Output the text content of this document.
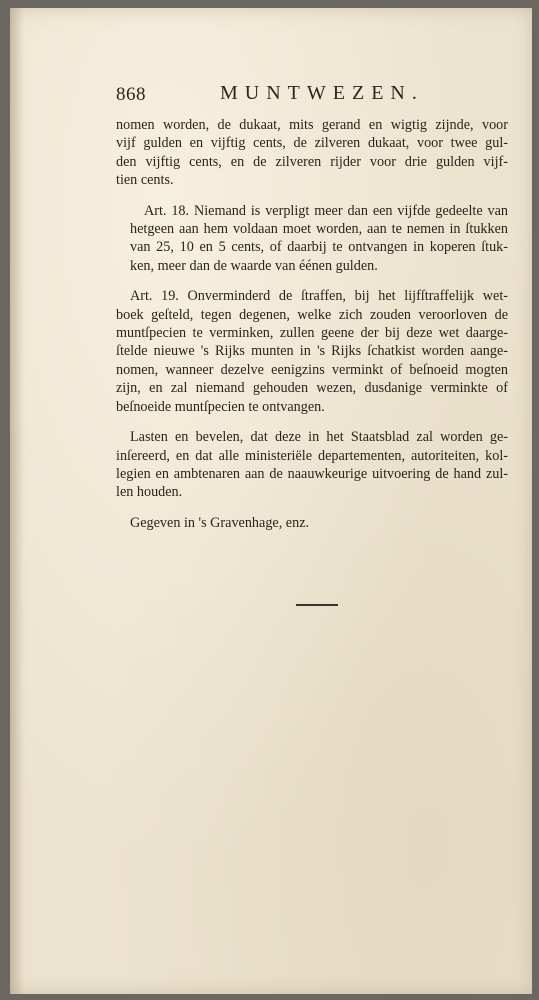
868	MUNTWEZEN.

nomen worden, de dukaat, mits gerand en wigtig zijnde, voor
vijf gulden en vijftig cents, de zilveren dukaat, voor twee gul-
den vijftig cents, en de zilveren rijder voor drie gulden vijf-
tien cents.

Art. 18. Niemand is verpligt meer dan een vijfde gedeelte van
hetgeen aan hem voldaan moet worden, aan te nemen in ſtukken
van 25, 10 en 5 cents, of daarbij te ontvangen in koperen ſtuk-
ken, meer dan de waarde van éénen gulden.

Art. 19. Onverminderd de ſtraffen, bij het lijfſtraffelijk wet-
boek geſteld, tegen degenen, welke zich zouden veroorloven de
muntſpecien te verminken, zullen geene der bij deze wet daarge-
ſtelde nieuwe 's Rijks munten in 's Rijks ſchatkist worden aange-
nomen, wanneer dezelve eenigzins verminkt of beſnoeid mogten
zijn, en zal niemand gehouden wezen, dusdanige verminkte of
beſnoeide muntſpecien te ontvangen.

Lasten en bevelen, dat deze in het Staatsblad zal worden ge-
inſereerd, en dat alle ministeriële departementen, autoriteiten, kol-
legien en ambtenaren aan de naauwkeurige uitvoering de hand zul-
len houden.

Gegeven in 's Gravenhage, enz.
